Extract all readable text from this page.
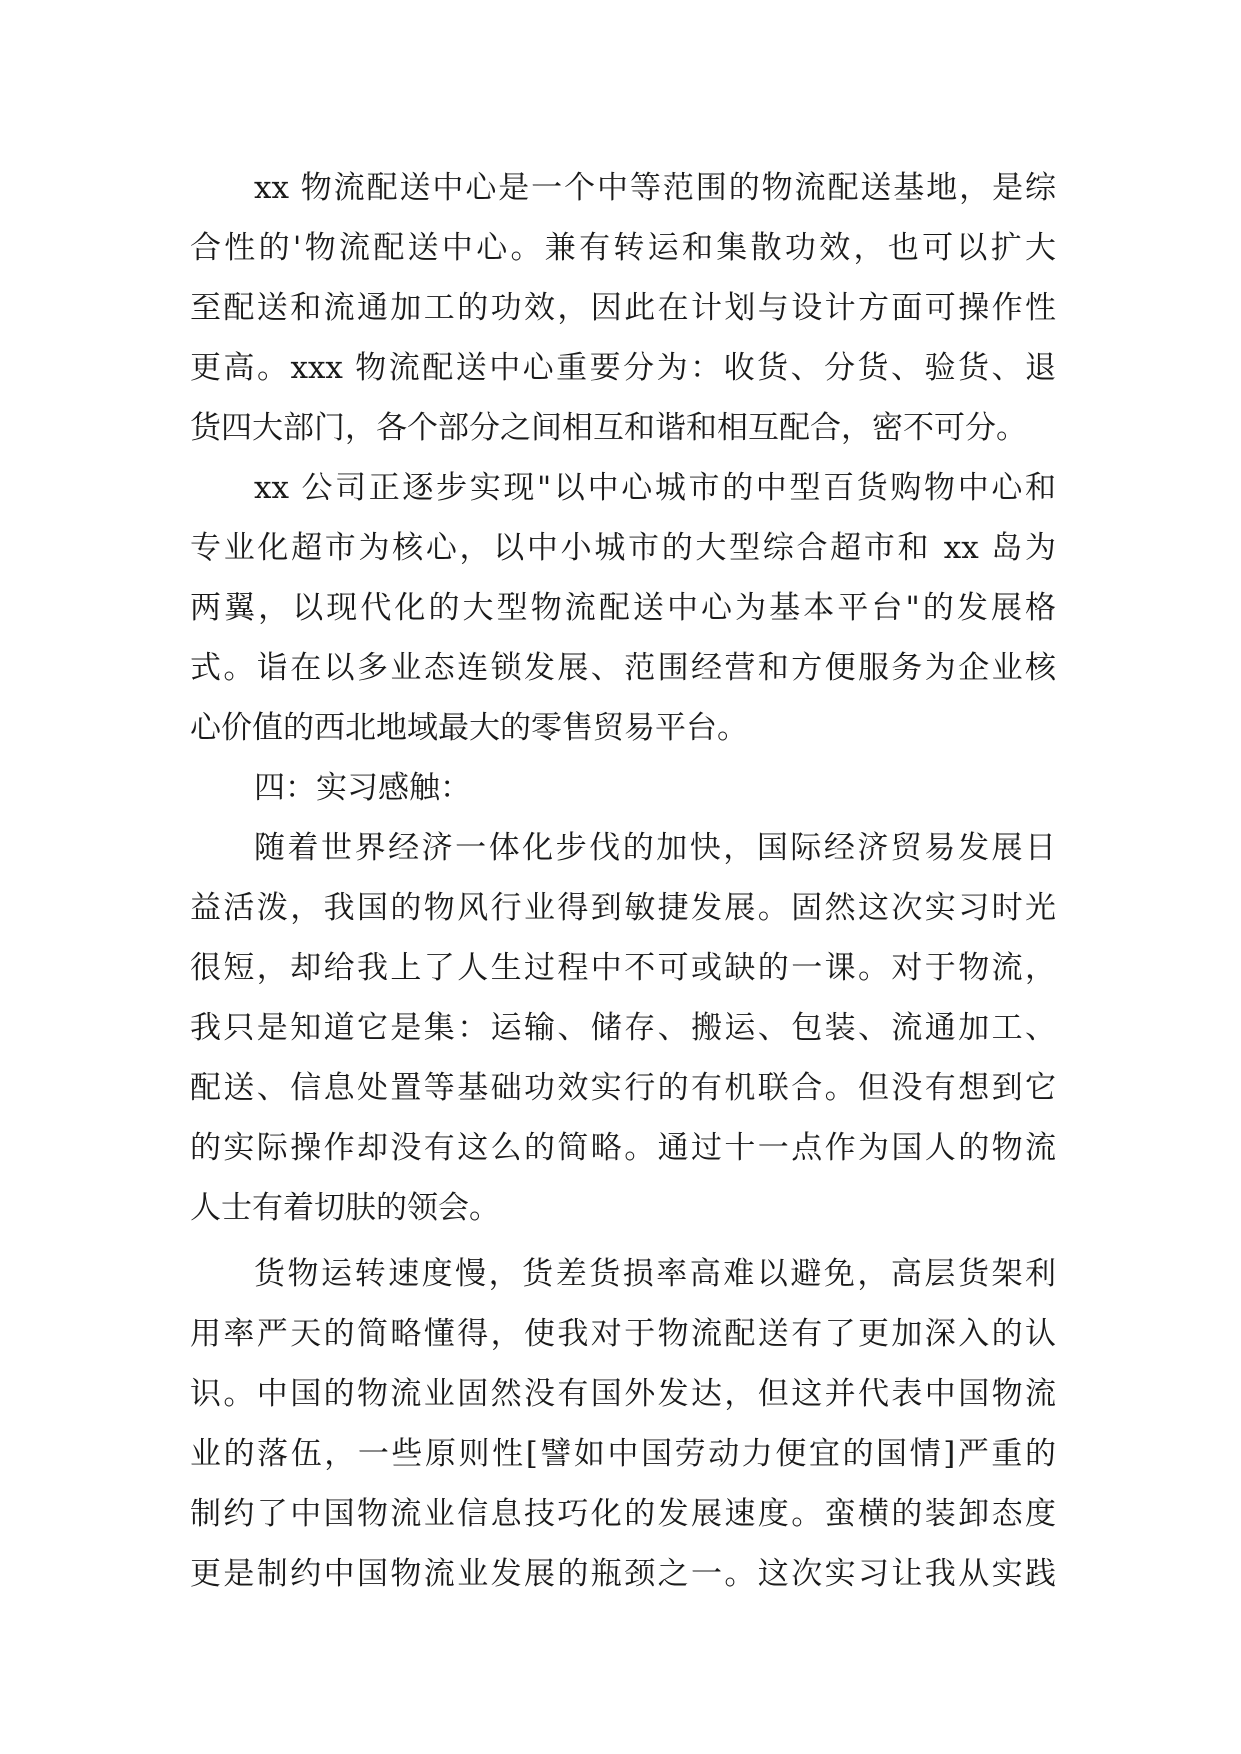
xx 物流配送中心是一个中等范围的物流配送基地，是综
合性的'物流配送中心。兼有转运和集散功效，也可以扩大
至配送和流通加工的功效，因此在计划与设计方面可操作性
更高。xxx 物流配送中心重要分为：收货、分货、验货、退
货四大部门，各个部分之间相互和谐和相互配合，密不可分。
xx 公司正逐步实现"以中心城市的中型百货购物中心和
专业化超市为核心，以中小城市的大型综合超市和 xx 岛为
两翼，以现代化的大型物流配送中心为基本平台"的发展格
式。诣在以多业态连锁发展、范围经营和方便服务为企业核
心价值的西北地域最大的零售贸易平台。
四：实习感触：
随着世界经济一体化步伐的加快，国际经济贸易发展日
益活泼，我国的物风行业得到敏捷发展。固然这次实习时光
很短，却给我上了人生过程中不可或缺的一课。对于物流，
我只是知道它是集：运输、储存、搬运、包装、流通加工、
配送、信息处置等基础功效实行的有机联合。但没有想到它
的实际操作却没有这么的简略。通过十一点作为国人的物流
人士有着切肤的领会。
货物运转速度慢，货差货损率高难以避免，高层货架利
用率严天的简略懂得，使我对于物流配送有了更加深入的认
识。中国的物流业固然没有国外发达，但这并代表中国物流
业的落伍，一些原则性[譬如中国劳动力便宜的国情]严重的
制约了中国物流业信息技巧化的发展速度。蛮横的装卸态度
更是制约中国物流业发展的瓶颈之一。这次实习让我从实践
